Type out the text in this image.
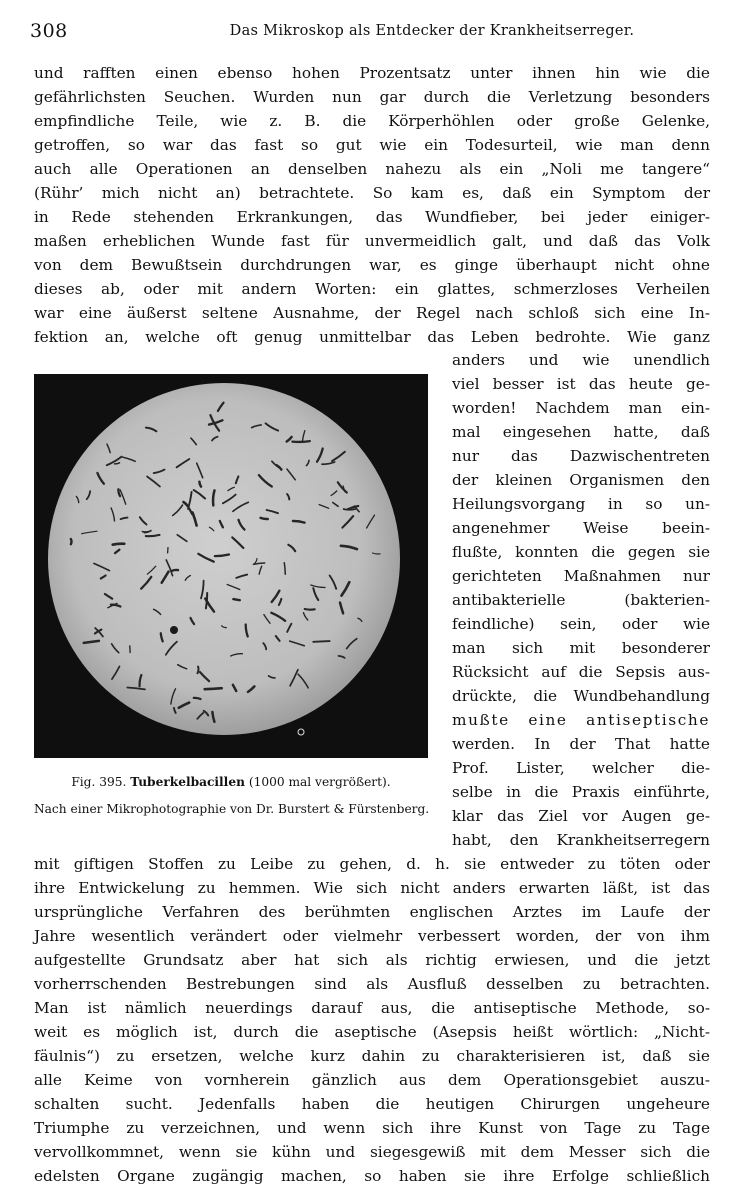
308	Das Mikroskop als Entdecker der Krankheitserreger.
und rafften einen ebenso hohen Prozentsatz unter ihnen hin wie die
gefährlichsten Seuchen. Wurden nun gar durch die Verletzung besonders
empfindliche Teile, wie z. B. die Körperhöhlen oder große Gelenke,
getroffen, so war das fast so gut wie ein Todesurteil, wie man denn
auch alle Operationen an denselben nahezu als ein „Noli me tangere“
(Rühr’ mich nicht an) betrachtete. So kam es, daß ein Symptom der
in Rede stehenden Erkrankungen, das Wundfieber, bei jeder einiger-
maßen erheblichen Wunde fast für unvermeidlich galt, und daß das Volk
von dem Bewußtsein durchdrungen war, es ginge überhaupt nicht ohne
dieses ab, oder mit andern Worten: ein glattes, schmerzloses Verheilen
war eine äußerst seltene Ausnahme, der Regel nach schloß sich eine In-
fektion an, welche oft genug unmittelbar das Leben bedrohte. Wie ganz
Fig. 395. Tuberkelbacillen (1000 mal vergrößert).
Nach einer Mikrophotographie von Dr. Burstert & Fürstenberg.
anders und wie unendlich
viel besser ist das heute ge-
worden! Nachdem man ein-
mal eingesehen hatte, daß
nur das Dazwischentreten
der kleinen Organismen den
Heilungsvorgang in so un-
angenehmer Weise beein-
flußte, konnten die gegen sie
gerichteten Maßnahmen nur
antibakterielle (bakterien-
feindliche) sein, oder wie
man sich mit besonderer
Rücksicht auf die Sepsis aus-
drückte, die Wundbehandlung
mußte eine antiseptische
werden. In der That hatte
Prof. Lister, welcher die-
selbe in die Praxis einführte,
klar das Ziel vor Augen ge-
habt, den Krankheitserregern
mit giftigen Stoffen zu Leibe zu gehen, d. h. sie entweder zu töten oder
ihre Entwickelung zu hemmen. Wie sich nicht anders erwarten läßt, ist das
ursprüngliche Verfahren des berühmten englischen Arztes im Laufe der
Jahre wesentlich verändert oder vielmehr verbessert worden, der von ihm
aufgestellte Grundsatz aber hat sich als richtig erwiesen, und die jetzt
vorherrschenden Bestrebungen sind als Ausfluß desselben zu betrachten.
Man ist nämlich neuerdings darauf aus, die antiseptische Methode, so-
weit es möglich ist, durch die aseptische (Asepsis heißt wörtlich: „Nicht-
fäulnis“) zu ersetzen, welche kurz dahin zu charakterisieren ist, daß sie
alle Keime von vornherein gänzlich aus dem Operationsgebiet auszu-
schalten sucht. Jedenfalls haben die heutigen Chirurgen ungeheure
Triumphe zu verzeichnen, und wenn sich ihre Kunst von Tage zu Tage
vervollkommnet, wenn sie kühn und siegesgewiß mit dem Messer sich die
edelsten Organe zugängig machen, so haben sie ihre Erfolge schließlich
